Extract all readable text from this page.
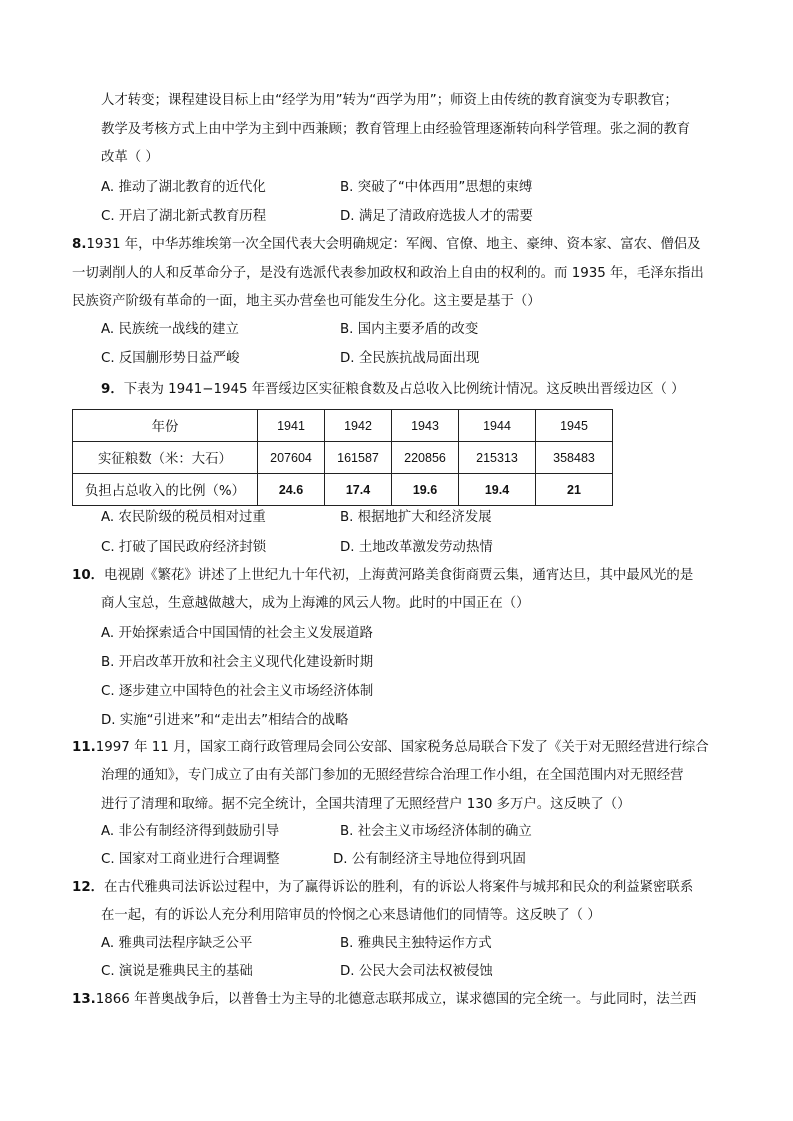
人才转变；课程建设目标上由“经学为用”转为“西学为用”；师资上由传统的教育演变为专职教官；
教学及考核方式上由中学为主到中西兼顾；教育管理上由经验管理逐渐转向科学管理。张之洞的教育
改革（ ）
A. 推动了湖北教育的近代化	B. 突破了“中体西用”思想的束缚
C. 开启了湖北新式教育历程	D. 满足了清政府选拔人才的需要
8.1931 年，中华苏维埃第一次全国代表大会明确规定：军阀、官僚、地主、豪绅、资本家、富农、僧侣及
一切剥削人的人和反革命分子，是没有选派代表参加政权和政治上自由的权利的。而 1935 年，毛泽东指出
民族资产阶级有革命的一面，地主买办营垒也可能发生分化。这主要是基于（）
A. 民族统一战线的建立	B. 国内主要矛盾的改变
C. 反国蒯形势日益严峻	D. 全民族抗战局面出现
9．下表为 1941−1945 年晋绥边区实征粮食数及占总收入比例统计情况。这反映出晋绥边区（ ）
年份	1941	1942	1943	1944	1945
实征粮数（米：大石）	207604	161587	220856	215313	358483
负担占总收入的比例（%）	24.6	17.4	19.6	19.4	21
A. 农民阶级的税员相对过重	B. 根据地扩大和经济发展
C. 打破了国民政府经济封锁	D. 土地改革激发劳动热情
10．电视剧《繁花》讲述了上世纪九十年代初，上海黄河路美食街商贾云集，通宵达旦，其中最风光的是
商人宝总，生意越做越大，成为上海滩的风云人物。此时的中国正在（）
A. 开始探索适合中国国情的社会主义发展道路
B. 开启改革开放和社会主义现代化建设新时期
C. 逐步建立中国特色的社会主义市场经济体制
D. 实施“引进来”和“走出去”相结合的战略
11.1997 年 11 月，国家工商行政管理局会同公安部、国家税务总局联合下发了《关于对无照经营进行综合
治理的通知》，专门成立了由有关部门参加的无照经营综合治理工作小组，在全国范围内对无照经营
进行了清理和取缔。据不完全统计，全国共清理了无照经营户 130 多万户。这反映了（）
A. 非公有制经济得到鼓励引导	B. 社会主义市场经济体制的确立
C. 国家对工商业进行合理调整	D. 公有制经济主导地位得到巩固
12．在古代雅典司法诉讼过程中，为了赢得诉讼的胜利，有的诉讼人将案件与城邦和民众的利益紧密联系
在一起，有的诉讼人充分利用陪审员的怜悯之心来恳请他们的同情等。这反映了（ ）
A. 雅典司法程序缺乏公平	B. 雅典民主独特运作方式
C. 演说是雅典民主的基础	D. 公民大会司法权被侵蚀
13.1866 年普奥战争后，以普鲁士为主导的北德意志联邦成立，谋求德国的完全统一。与此同时，法兰西
